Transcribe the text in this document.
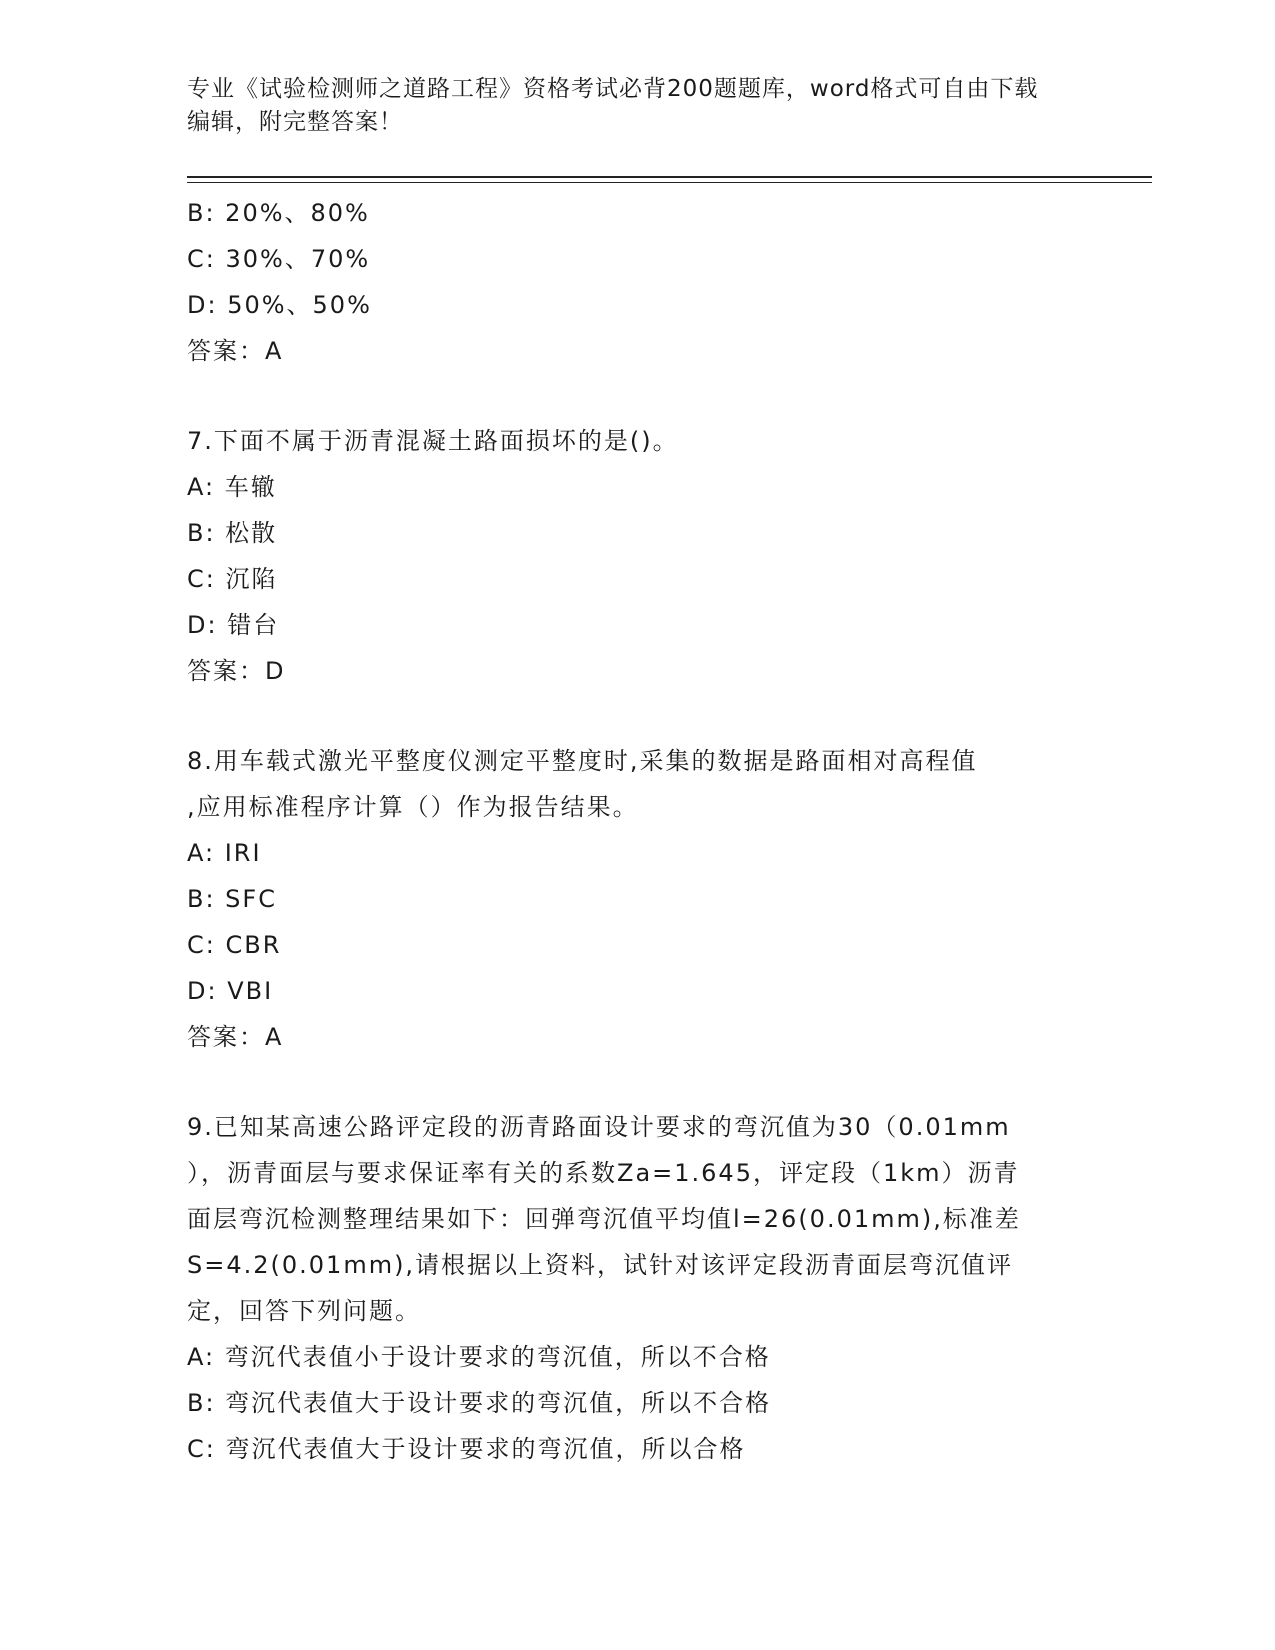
专业《试验检测师之道路工程》资格考试必背200题题库，word格式可自由下载
编辑，附完整答案！
B: 20%、80%
C: 30%、70%
D: 50%、50%
答案：A
7.下面不属于沥青混凝土路面损坏的是()。
A: 车辙
B: 松散
C: 沉陷
D: 错台
答案：D
8.用车载式激光平整度仪测定平整度时,采集的数据是路面相对高程值
,应用标准程序计算（）作为报告结果。
A: IRI
B: SFC
C: CBR
D: VBI
答案：A
9.已知某高速公路评定段的沥青路面设计要求的弯沉值为30（0.01mm
），沥青面层与要求保证率有关的系数Za=1.645，评定段（1km）沥青
面层弯沉检测整理结果如下：回弹弯沉值平均值l=26(0.01mm),标准差
S=4.2(0.01mm),请根据以上资料，试针对该评定段沥青面层弯沉值评
定，回答下列问题。
A: 弯沉代表值小于设计要求的弯沉值，所以不合格
B: 弯沉代表值大于设计要求的弯沉值，所以不合格
C: 弯沉代表值大于设计要求的弯沉值，所以合格
